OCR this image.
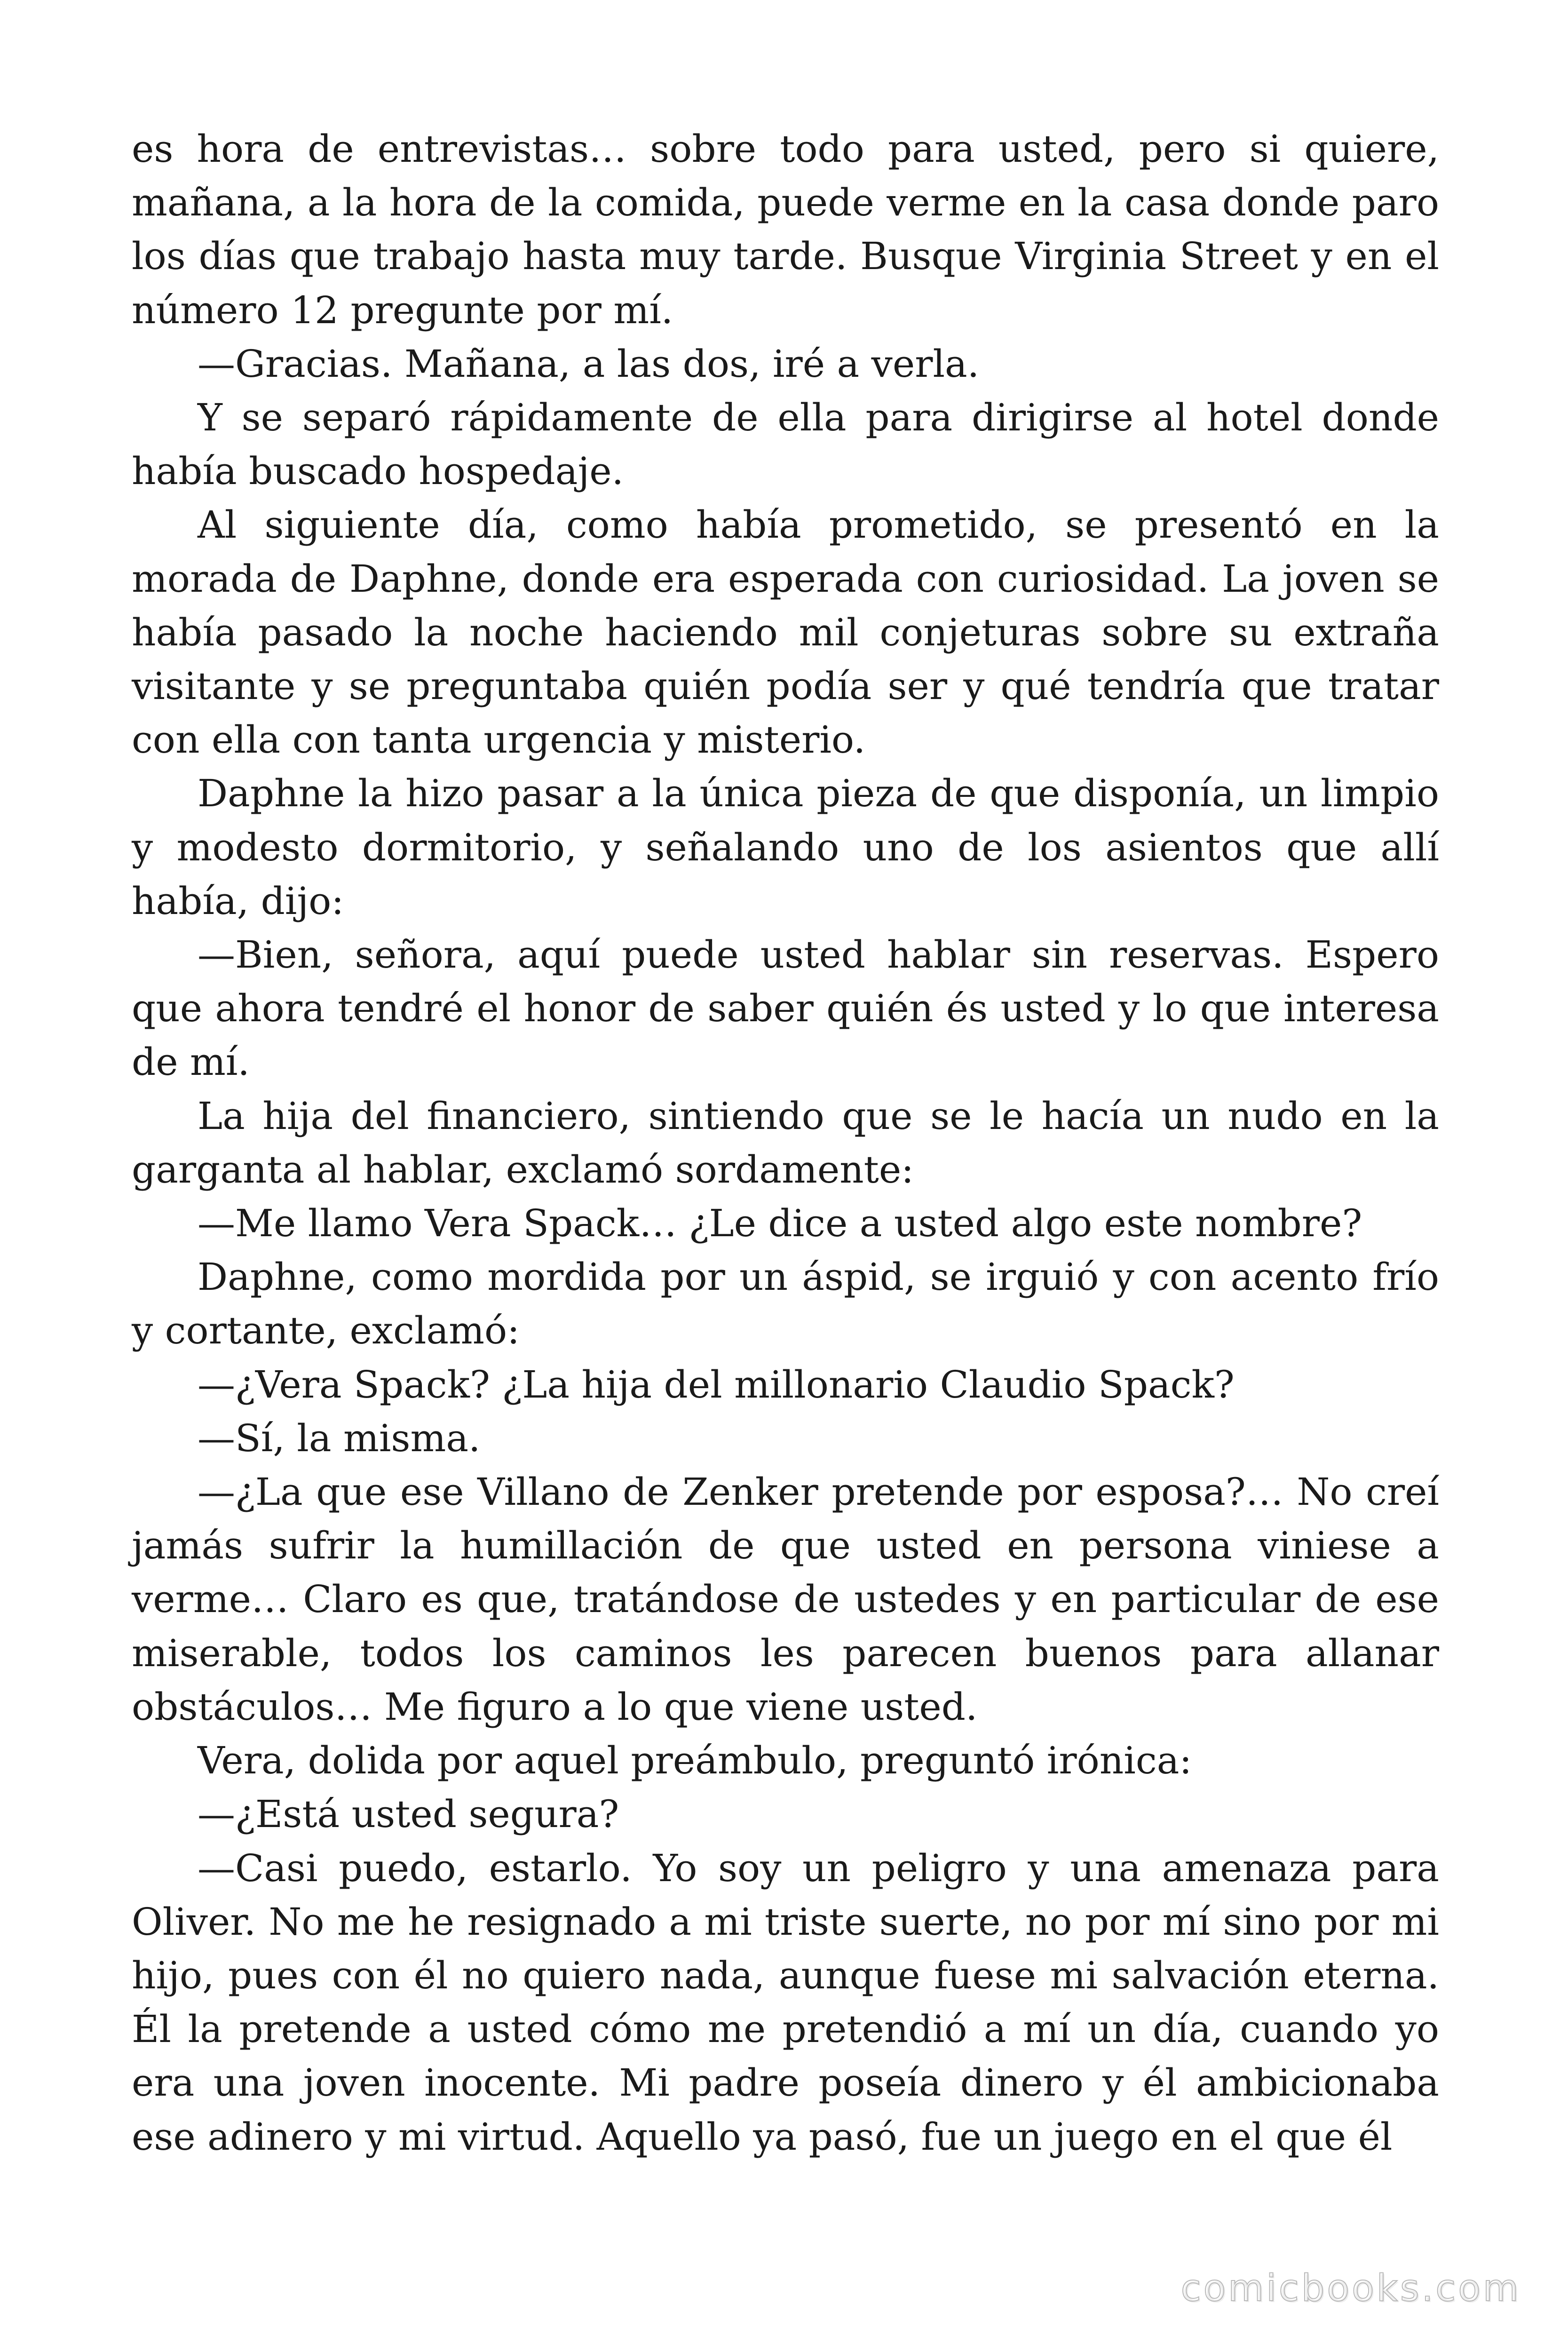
es hora de entrevistas… sobre todo para usted, pero si quiere, mañana, a la hora de la comida, puede verme en la casa donde paro los días que trabajo hasta muy tarde. Busque Virginia Street y en el número 12 pregunte por mí.

—Gracias. Mañana, a las dos, iré a verla.

Y se separó rápidamente de ella para dirigirse al hotel donde había buscado hospedaje.

Al siguiente día, como había prometido, se presentó en la morada de Daphne, donde era esperada con curiosidad. La joven se había pasado la noche haciendo mil conjeturas sobre su extraña visitante y se preguntaba quién podía ser y qué tendría que tratar con ella con tanta urgencia y misterio.

Daphne la hizo pasar a la única pieza de que disponía, un limpio y modesto dormitorio, y señalando uno de los asientos que allí había, dijo:

—Bien, señora, aquí puede usted hablar sin reservas. Espero que ahora tendré el honor de saber quién és usted y lo que interesa de mí.

La hija del financiero, sintiendo que se le hacía un nudo en la garganta al hablar, exclamó sordamente:

—Me llamo Vera Spack… ¿Le dice a usted algo este nombre?

Daphne, como mordida por un áspid, se irguió y con acento frío y cortante, exclamó:

—¿Vera Spack? ¿La hija del millonario Claudio Spack?

—Sí, la misma.

—¿La que ese Villano de Zenker pretende por esposa?… No creí jamás sufrir la humillación de que usted en persona viniese a verme… Claro es que, tratándose de ustedes y en particular de ese miserable, todos los caminos les parecen buenos para allanar obstáculos… Me figuro a lo que viene usted.

Vera, dolida por aquel preámbulo, preguntó irónica:

—¿Está usted segura?

—Casi puedo, estarlo. Yo soy un peligro y una amenaza para Oliver. No me he resignado a mi triste suerte, no por mí sino por mi hijo, pues con él no quiero nada, aunque fuese mi salvación eterna. Él la pretende a usted cómo me pretendió a mí un día, cuando yo era una joven inocente. Mi padre poseía dinero y él ambicionaba ese adinero y mi virtud. Aquello ya pasó, fue un juego en el que él

comicbooks.com
